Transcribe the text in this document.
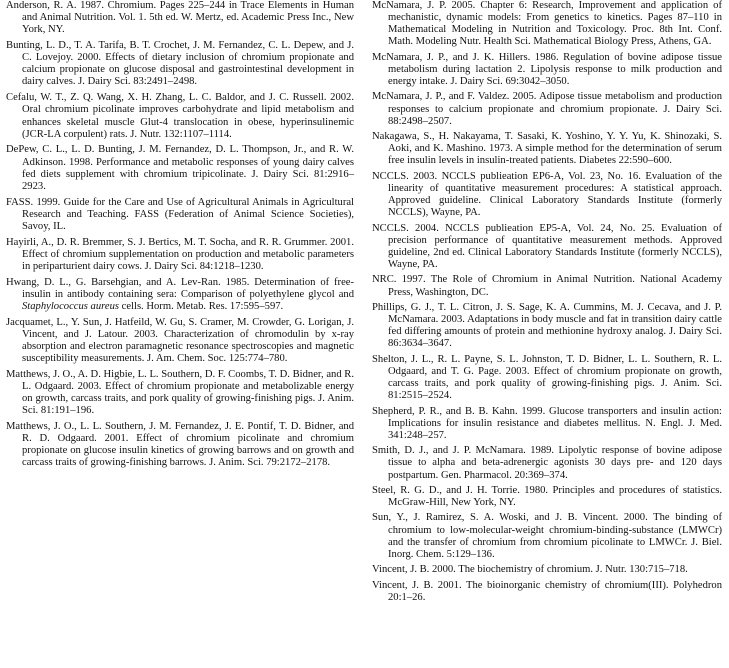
Anderson, R. A. 1987. Chromium. Pages 225–244 in Trace Elements in Human and Animal Nutrition. Vol. 1. 5th ed. W. Mertz, ed. Academic Press Inc., New York, NY.

Bunting, L. D., T. A. Tarifa, B. T. Crochet, J. M. Fernandez, C. L. Depew, and J. C. Lovejoy. 2000. Effects of dietary inclusion of chromium propionate and calcium propionate on glucose disposal and gastrointestinal development in dairy calves. J. Dairy Sci. 83:2491–2498.

Cefalu, W. T., Z. Q. Wang, X. H. Zhang, L. C. Baldor, and J. C. Russell. 2002. Oral chromium picolinate improves carbohydrate and lipid metabolism and enhances skeletal muscle Glut-4 translocation in obese, hyperinsulinemic (JCR-LA corpulent) rats. J. Nutr. 132:1107–1114.

DePew, C. L., L. D. Bunting, J. M. Fernandez, D. L. Thompson, Jr., and R. W. Adkinson. 1998. Performance and metabolic responses of young dairy calves fed diets supplement with chromium tripicolinate. J. Dairy Sci. 81:2916–2923.

FASS. 1999. Guide for the Care and Use of Agricultural Animals in Agricultural Research and Teaching. FASS (Federation of Animal Science Societies), Savoy, IL.

Hayirli, A., D. R. Bremmer, S. J. Bertics, M. T. Socha, and R. R. Grummer. 2001. Effect of chromium supplementation on production and metabolic parameters in periparturient dairy cows. J. Dairy Sci. 84:1218–1230.

Hwang, D. L., G. Barsehgian, and A. Lev-Ran. 1985. Determination of free-insulin in antibody containing sera: Comparison of polyethylene glycol and Staphylococcus aureus cells. Horm. Metab. Res. 17:595–597.

Jacquamet, L., Y. Sun, J. Hatfeild, W. Gu, S. Cramer, M. Crowder, G. Lorigan, J. Vincent, and J. Latour. 2003. Characterization of chromodulin by x-ray absorption and electron paramagnetic resonance spectroscopies and magnetic susceptibility measurements. J. Am. Chem. Soc. 125:774–780.

Matthews, J. O., A. D. Higbie, L. L. Southern, D. F. Coombs, T. D. Bidner, and R. L. Odgaard. 2003. Effect of chromium propionate and metabolizable energy on growth, carcass traits, and pork quality of growing-finishing pigs. J. Anim. Sci. 81:191–196.

Matthews, J. O., L. L. Southern, J. M. Fernandez, J. E. Pontif, T. D. Bidner, and R. D. Odgaard. 2001. Effect of chromium picolinate and chromium propionate on glucose insulin kinetics of growing barrows and on growth and carcass traits of growing-finishing barrows. J. Anim. Sci. 79:2172–2178.

McNamara, J. P. 2005. Chapter 6: Research, Improvement and application of mechanistic, dynamic models: From genetics to kinetics. Pages 87–110 in Mathematical Modeling in Nutrition and Toxicology. Proc. 8th Int. Conf. Math. Modeling Nutr. Health Sci. Mathematical Biology Press, Athens, GA.

McNamara, J. P., and J. K. Hillers. 1986. Regulation of bovine adipose tissue metabolism during lactation 2. Lipolysis response to milk production and energy intake. J. Dairy Sci. 69:3042–3050.

McNamara, J. P., and F. Valdez. 2005. Adipose tissue metabolism and production responses to calcium propionate and chromium propionate. J. Dairy Sci. 88:2498–2507.

Nakagawa, S., H. Nakayama, T. Sasaki, K. Yoshino, Y. Y. Yu, K. Shinozaki, S. Aoki, and K. Mashino. 1973. A simple method for the determination of serum free insulin levels in insulin-treated patients. Diabetes 22:590–600.

NCCLS. 2003. NCCLS publieation EP6-A, Vol. 23, No. 16. Evaluation of the linearity of quantitative measurement procedures: A statistical approach. Approved guideline. Clinical Laboratory Standards Institute (formerly NCCLS), Wayne, PA.

NCCLS. 2004. NCCLS publieation EP5-A, Vol. 24, No. 25. Evaluation of precision performance of quantitative measurement methods. Approved guideline, 2nd ed. Clinical Laboratory Standards Institute (formerly NCCLS), Wayne, PA.

NRC. 1997. The Role of Chromium in Animal Nutrition. National Academy Press, Washington, DC.

Phillips, G. J., T. L. Citron, J. S. Sage, K. A. Cummins, M. J. Cecava, and J. P. McNamara. 2003. Adaptations in body muscle and fat in transition dairy cattle fed differing amounts of protein and methionine hydroxy analog. J. Dairy Sci. 86:3634–3647.

Shelton, J. L., R. L. Payne, S. L. Johnston, T. D. Bidner, L. L. Southern, R. L. Odgaard, and T. G. Page. 2003. Effect of chromium propionate on growth, carcass traits, and pork quality of growing-finishing pigs. J. Anim. Sci. 81:2515–2524.

Shepherd, P. R., and B. B. Kahn. 1999. Glucose transporters and insulin action: Implications for insulin resistance and diabetes mellitus. N. Engl. J. Med. 341:248–257.

Smith, D. J., and J. P. McNamara. 1989. Lipolytic response of bovine adipose tissue to alpha and beta-adrenergic agonists 30 days pre- and 120 days postpartum. Gen. Pharmacol. 20:369–374.

Steel, R. G. D., and J. H. Torrie. 1980. Principles and procedures of statistics. McGraw-Hill, New York, NY.

Sun, Y., J. Ramirez, S. A. Woski, and J. B. Vincent. 2000. The binding of chromium to low-molecular-weight chromium-binding-substance (LMWCr) and the transfer of chromium from chromium picolinate to LMWCr. J. Biel. Inorg. Chem. 5:129–136.

Vincent, J. B. 2000. The biochemistry of chromium. J. Nutr. 130:715–718.

Vincent, J. B. 2001. The bioinorganic chemistry of chromium(III). Polyhedron 20:1–26.
